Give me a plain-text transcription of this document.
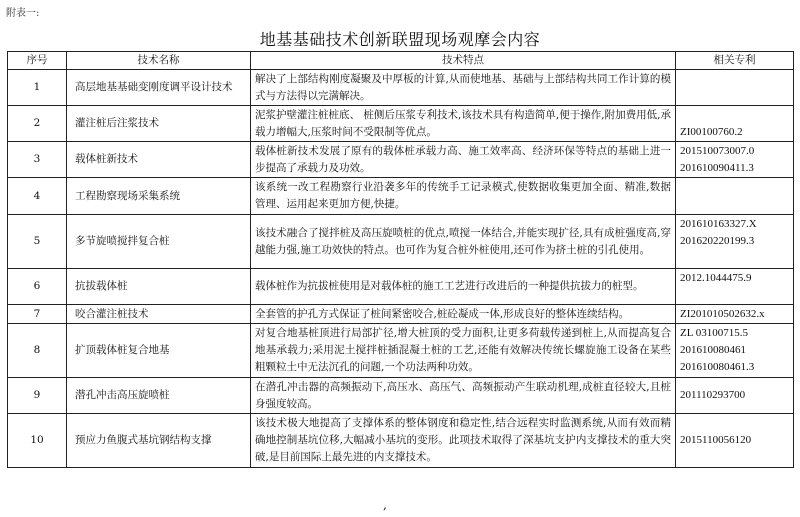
附表一:
地基基础技术创新联盟现场观摩会内容
序号	技术名称	技术特点	相关专利
1	高层地基基础变刚度调平设计技术	解决了上部结构刚度凝聚及中厚板的计算,从而使地基、基础与上部结构共同工作计算的模式与方法得以完满解决。	
2	灌注桩后注浆技术	泥浆护壁灌注桩桩底、 桩侧后压浆专利技术,该技术具有构造简单,便于操作,附加费用低,承载力增幅大,压浆时间不受限制等优点。	ZI00100760.2

3	载体桩新技术	载体桩新技术发展了原有的载体桩承载力高、施工效率高、经济环保等特点的基础上进一步提高了承载力及功效。	201510073007.0
201610090411.3

4	工程勘察现场采集系统	该系统一改工程勘察行业沿袭多年的传统手工记录模式,使数据收集更加全面、精准,数据管理、运用起来更加方便,快捷。	
5	多节旋喷搅拌复合桩	该技术融合了搅拌桩及高压旋喷桩的优点,喷搅一体结合,并能实现扩径,具有成桩强度高,穿越能力强,施工功效快的特点。也可作为复合桩外桩使用,还可作为挤土桩的引孔使用。	201610163327.X
201620220199.3

6	抗拔载体桩	载体桩作为抗拔桩使用是对载体桩的施工工艺进行改进后的一种提供抗拔力的桩型。	2012.1044475.9

7	咬合灌注桩技术	全套管的护孔方式保证了桩间紧密咬合,桩砼凝成一体,形成良好的整体连续结构。	ZI201010502632.x

8	扩顶载体桩复合地基	对复合地基桩顶进行局部扩径,增大桩顶的受力面积,让更多荷载传递到桩上,从而提高复合地基承载力;采用泥土搅拌桩插混凝土桩的工艺,还能有效解决传统长螺旋施工设备在某些粗颗粒土中无法沉孔的问题,一个功法两种功效。	ZL 03100715.5
201610080461
201610080461.3

9	潜孔冲击高压旋喷桩	在潜孔冲击器的高频振动下,高压水、高压气、高频振动产生联动机理,成桩直径较大,且桩身强度较高。	201110293700

10	预应力鱼腹式基坑钢结构支撑	该技术极大地提高了支撑体系的整体钢度和稳定性,结合远程实时监测系统,从而有效而精确地控制基坑位移,大幅减小基坑的变形。此项技术取得了深基坑支护内支撑技术的重大突破,是目前国际上最先进的内支撑技术。	2015110056120
,
